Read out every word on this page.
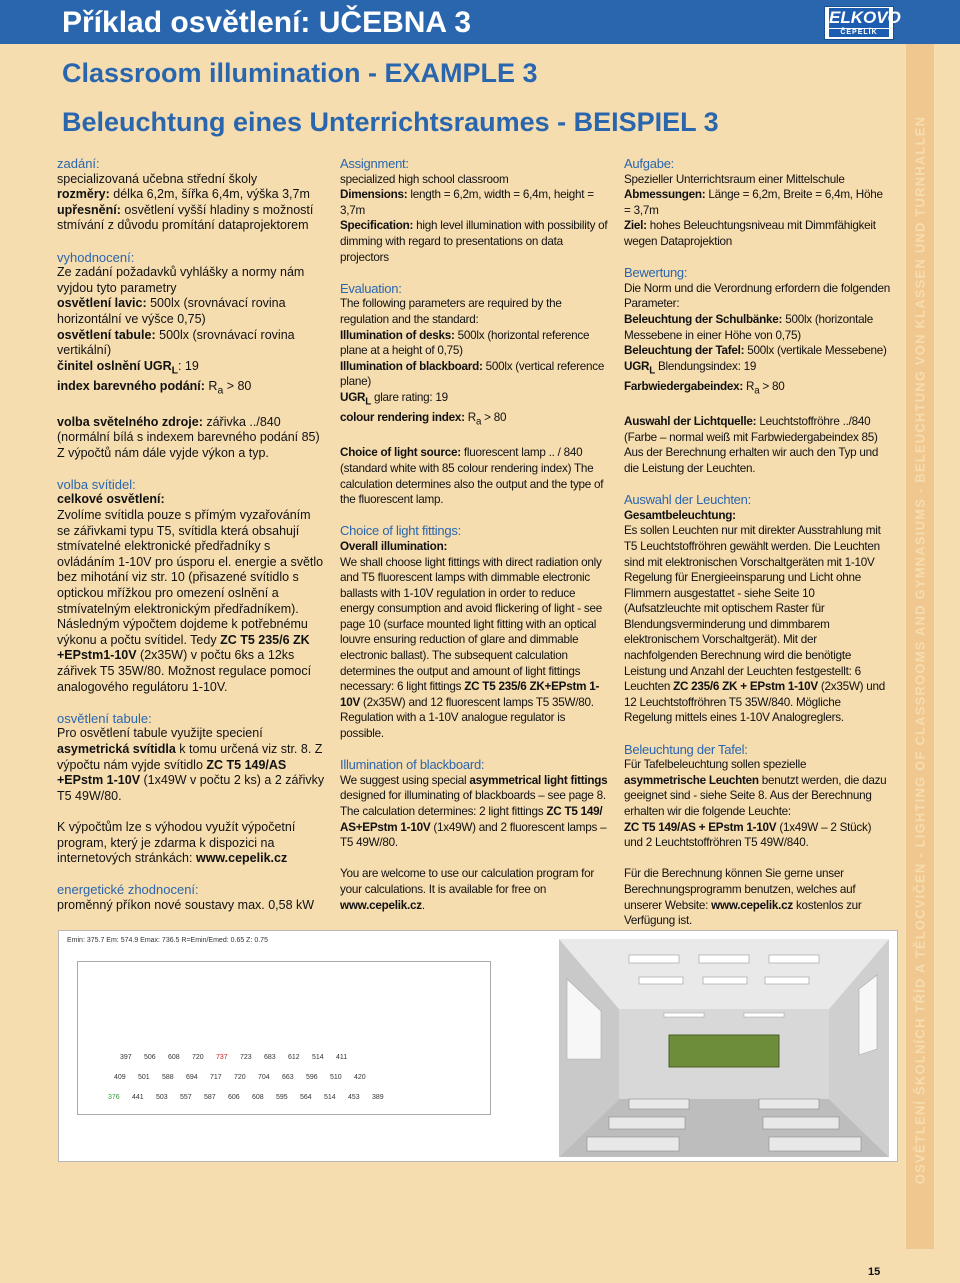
Příklad osvětlení: UČEBNA 3	ELKOVO
ČEPELÍK
Classroom illumination - EXAMPLE 3
Beleuchtung eines Unterrichtsraumes - BEISPIEL 3	OSVĚTLENÍ ŠKOLNÍCH TŘÍD A TĚLOCVIČEN - LIGHTING OF CLASSROOMS AND GYMNASIUMS - BELEUCHTUNG VON KLASSEN UND TURNHALLEN
zadání:

specializovaná učebna střední školy

rozměry: délka 6,2m, šířka 6,4m, výška 3,7m

upřesnění: osvětlení vyšší hladiny s možností stmívání z důvodu promítání dataprojektorem

vyhodnocení:

Ze zadání požadavků vyhlášky a normy nám vyjdou tyto parametry

osvětlení lavic: 500lx (srovnávací rovina horizontální ve výšce 0,75)

osvětlení tabule: 500lx (srovnávací rovina vertikální)

činitel oslnění $UGR_L$: 19

index barevného podání: $R_a > 80$

volba světelného zdroje: zářivka ../840 (normální bílá s indexem barevného podání 85) Z výpočtů nám dále vyjde výkon a typ.

volba svítidel:
celkové osvětlení:

Zvolíme svítidla pouze s přímým vyzařováním se zářivkami typu T5, svítidla která obsahují stmívatelné elektronické předřadníky s ovládáním 1-10V pro úsporu el. energie a světlo bez mihotání viz str. 10 (přisazené svítidlo s optickou mřížkou pro omezení oslnění a stmívatelným elektronickým předřadníkem). Následným výpočtem dojdeme k potřebnému výkonu a počtu svítidel. Tedy ZC T5 235/6 ZK +EPstm1-10V (2x35W) v počtu 6ks a 12ks zářivek T5 35W/80. Možnost regulace pomocí analogového regulátoru 1-10V.

osvětlení tabule:

Pro osvětlení tabule využijte speciení asymetrická svítidla k tomu určená viz str. 8. Z výpočtu nám vyjde svítidlo ZC T5 149/AS +EPstm 1-10V (1x49W v počtu 2 ks) a 2 zářivky T5 49W/80.

K výpočtům lze s výhodou využít výpočetní program, který je zdarma k dispozici na internetových stránkách: www.cepelik.cz

energetické zhodnocení:

proměnný příkon nové soustavy max. 0,58 kW

Assignment:

specialized high school classroom

Dimensions: length = 6,2m, width = 6,4m, height = 3,7m

Specification: high level illumination with possibility of dimming with regard to presentations on data projectors

Evaluation:

The following parameters are required by the regulation and the standard:

Illumination of desks: 500lx (horizontal reference plane at a height of 0,75)

Illumination of blackboard: 500lx (vertical reference plane)

$UGR_L$ glare rating: 19

colour rendering index: $R_a > 80$

Choice of light source: fluorescent lamp .. / 840 (standard white with 85 colour rendering index) The calculation determines also the output and the type of the fluorescent lamp.

Choice of light fittings:
Overall illumination:

We shall choose light fittings with direct radiation only and T5 fluorescent lamps with dimmable electronic ballasts with 1-10V regulation in order to reduce energy consumption and avoid flickering of light - see page 10 (surface mounted light fitting with an optical louvre ensuring reduction of glare and dimmable electronic ballast). The subsequent calculation determines the output and amount of light fittings necessary: 6 light fittings ZC T5 235/6 ZK+EPstm 1-10V (2x35W) and 12 fluorescent lamps T5 35W/80. Regulation with a 1-10V analogue regulator is possible.

Illumination of blackboard:

We suggest using special asymmetrical light fittings designed for illuminating of blackboards – see page 8. The calculation determines: 2 light fittings ZC T5 149/ AS+EPstm 1-10V (1x49W) and 2 fluorescent lamps – T5 49W/80.

You are welcome to use our calculation program for your calculations. It is available for free on www.cepelik.cz.

Aufgabe:

Spezieller Unterrichtsraum einer Mittelschule

Abmessungen: Länge = 6,2m, Breite = 6,4m, Höhe = 3,7m

Ziel: hohes Beleuchtungsniveau mit Dimmfähigkeit wegen Dataprojektion

Bewertung:

Die Norm und die Verordnung erfordern die folgenden Parameter:

Beleuchtung der Schulbänke: 500lx (horizontale Messebene in einer Höhe von 0,75)

Beleuchtung der Tafel: 500lx (vertikale Messebene)

$UGR_L$ Blendungsindex: 19

Farbwiedergabeindex: $R_a > 80$

Auswahl der Lichtquelle: Leuchtstoffröhre ../840 (Farbe – normal weiß mit Farbwiedergabeindex 85) Aus der Berechnung erhalten wir auch den Typ und die Leistung der Leuchten.

Auswahl der Leuchten:
Gesamtbeleuchtung:

Es sollen Leuchten nur mit direkter Ausstrahlung mit T5 Leuchtstoffröhren gewählt werden. Die Leuchten sind mit elektronischen Vorschaltgeräten mit 1-10V Regelung für Energieeinsparung und Licht ohne Flimmern ausgestattet - siehe Seite 10 (Aufsatzleuchte mit optischem Raster für Blendungsverminderung und dimmbarem elektronischem Vorschaltgerät). Mit der nachfolgenden Berechnung wird die benötigte Leistung und Anzahl der Leuchten festgestellt: 6 Leuchten ZC 235/6 ZK + EPstm 1-10V (2x35W) und 12 Leuchtstoffröhren T5 35W/840. Mögliche Regelung mittels eines 1-10V Analogreglers.

Beleuchtung der Tafel:

Für Tafelbeleuchtung sollen spezielle asymmetrische Leuchten benutzt werden, die dazu geeignet sind - siehe Seite 8. Aus der Berechnung erhalten wir die folgende Leuchte:
ZC T5 149/AS + EPstm 1-10V (1x49W – 2 Stück) und 2 Leuchtstoffröhren T5 49W/840.

Für die Berechnung können Sie gerne unser Berechnungsprogramm benutzen, welches auf unserer Website: www.cepelik.cz kostenlos zur Verfügung ist.

Emin: 375.7 Em: 574.9 Emax: 736.5 R=Emin/Emed: 0.65 Z: 0.75
397 506 608 720 737 723 683 612 514 411
409 501 588 694 717 720 704 663 596 510 420
376 441 503 557 587 606 608 595 564 514 453 389
15
